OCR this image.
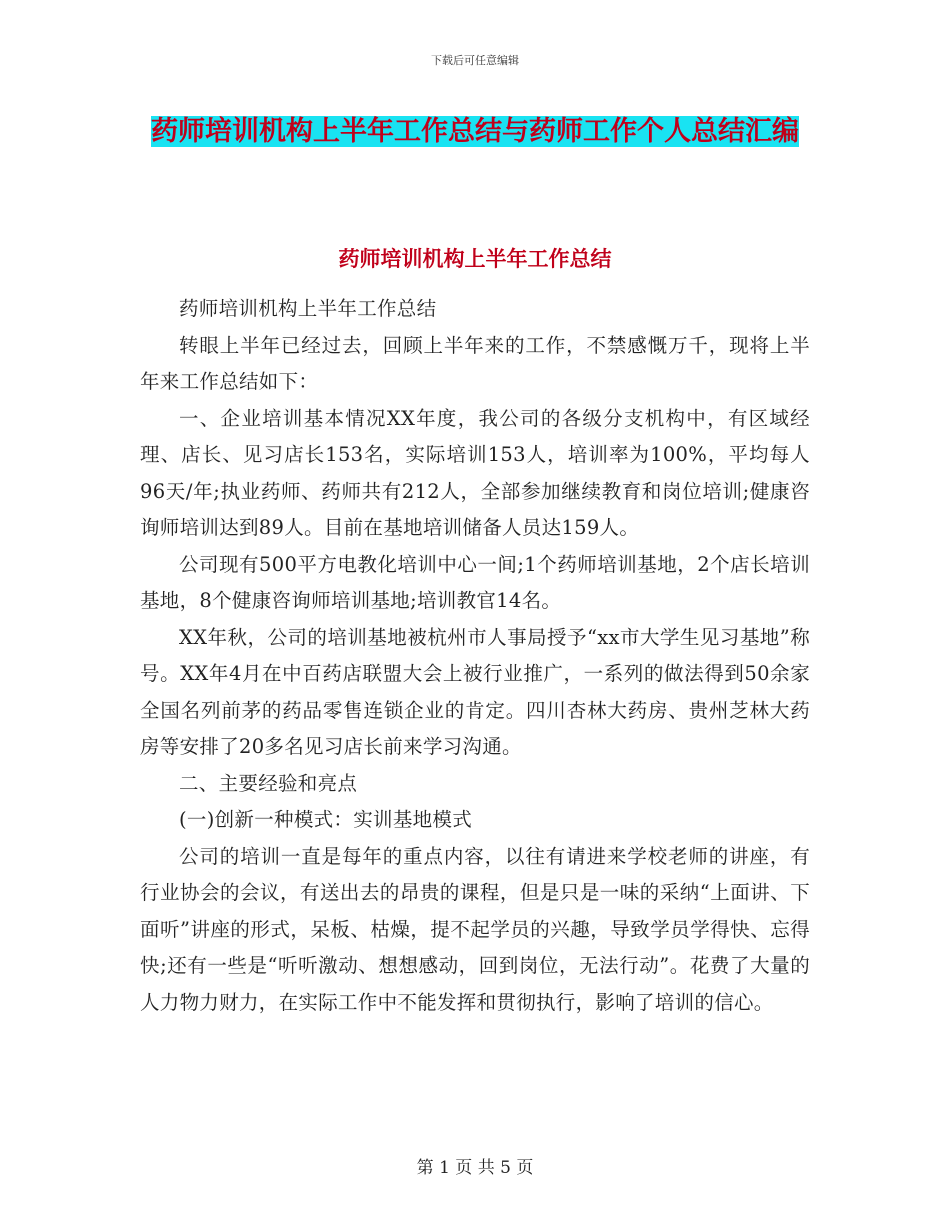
下载后可任意编辑
药师培训机构上半年工作总结与药师工作个人总结汇编
药师培训机构上半年工作总结

药师培训机构上半年工作总结

转眼上半年已经过去，回顾上半年来的工作，不禁感慨万千，现将上半年来工作总结如下：

一、企业培训基本情况XX年度，我公司的各级分支机构中，有区域经理、店长、见习店长153名，实际培训153人，培训率为100%，平均每人96天/年;执业药师、药师共有212人，全部参加继续教育和岗位培训;健康咨询师培训达到89人。目前在基地培训储备人员达159人。

公司现有500平方电教化培训中心一间;1个药师培训基地，2个店长培训基地，8个健康咨询师培训基地;培训教官14名。

XX年秋，公司的培训基地被杭州市人事局授予“xx市大学生见习基地”称号。XX年4月在中百药店联盟大会上被行业推广，一系列的做法得到50余家全国名列前茅的药品零售连锁企业的肯定。四川杏林大药房、贵州芝林大药房等安排了20多名见习店长前来学习沟通。

二、主要经验和亮点

(一)创新一种模式：实训基地模式

公司的培训一直是每年的重点内容，以往有请进来学校老师的讲座，有行业协会的会议，有送出去的昂贵的课程，但是只是一味的采纳“上面讲、下面听”讲座的形式，呆板、枯燥，提不起学员的兴趣，导致学员学得快、忘得快;还有一些是“听听激动、想想感动，回到岗位，无法行动”。花费了大量的人力物力财力，在实际工作中不能发挥和贯彻执行，影响了培训的信心。

第 1 页 共 5 页
